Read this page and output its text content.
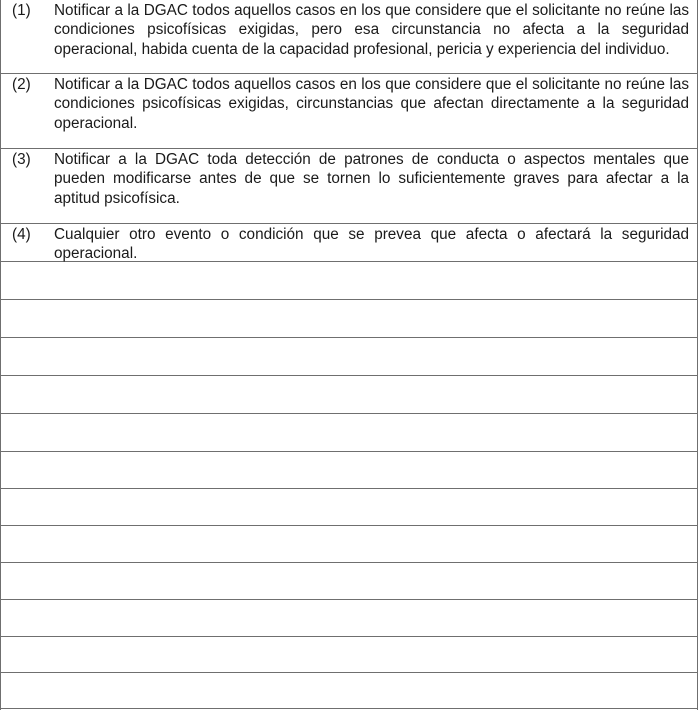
(1) Notificar a la DGAC todos aquellos casos en los que considere que el solicitante no reúne las condiciones psicofísicas exigidas, pero esa circunstancia no afecta a la seguridad operacional, habida cuenta de la capacidad profesional, pericia y experiencia del individuo.
(2) Notificar a la DGAC todos aquellos casos en los que considere que el solicitante no reúne las condiciones psicofísicas exigidas, circunstancias que afectan directamente a la seguridad operacional.
(3) Notificar a la DGAC toda detección de patrones de conducta o aspectos mentales que pueden modificarse antes de que se tornen lo suficientemente graves para afectar a la aptitud psicofísica.
(4) Cualquier otro evento o condición que se prevea que afecta o afectará la seguridad operacional.
